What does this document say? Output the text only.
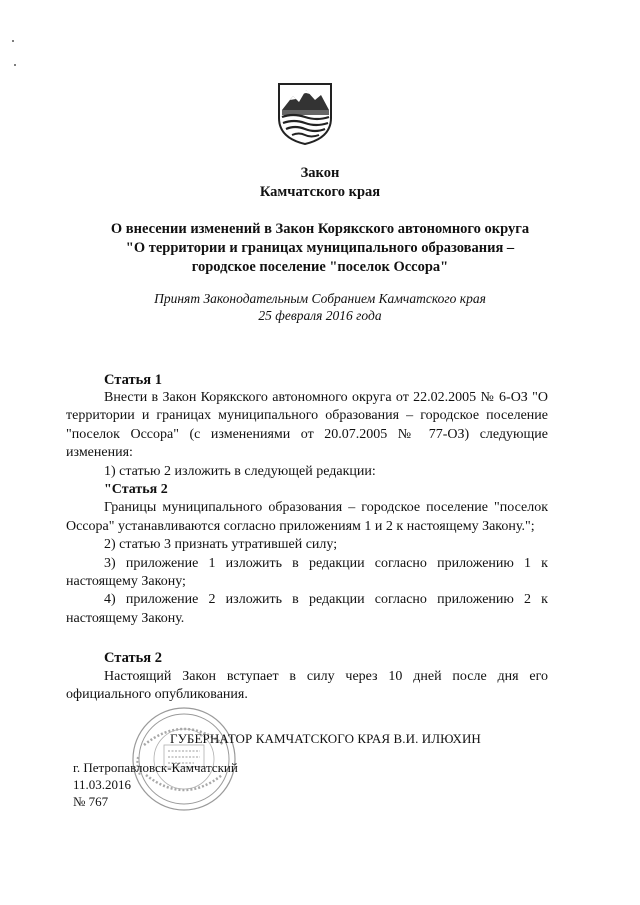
Закон
Камчатского края
О внесении изменений в Закон Корякского автономного округа
"О территории и границах муниципального образования –
городское поселение "поселок Оссора"
Принят Законодательным Собранием Камчатского края
25 февраля 2016 года
Статья 1

Внести в Закон Корякского автономного округа от 22.02.2005 № 6-ОЗ "О территории и границах муниципального образования – городское поселение "поселок Оссора" (с изменениями от 20.07.2005 № 77-ОЗ) следующие изменения:

1) статью 2 изложить в следующей редакции:

"Статья 2

Границы муниципального образования – городское поселение "поселок Оссора" устанавливаются согласно приложениям 1 и 2 к настоящему Закону.";

2) статью 3 признать утратившей силу;

3) приложение 1 изложить в редакции согласно приложению 1 к настоящему Закону;

4) приложение 2 изложить в редакции согласно приложению 2 к настоящему Закону.

Статья 2

Настоящий Закон вступает в силу через 10 дней после дня его официального опубликования.

ГУБЕРНАТОР КАМЧАТСКОГО КРАЯ В.И. ИЛЮХИН
г. Петропавловск-Камчатский
11.03.2016
№ 767
